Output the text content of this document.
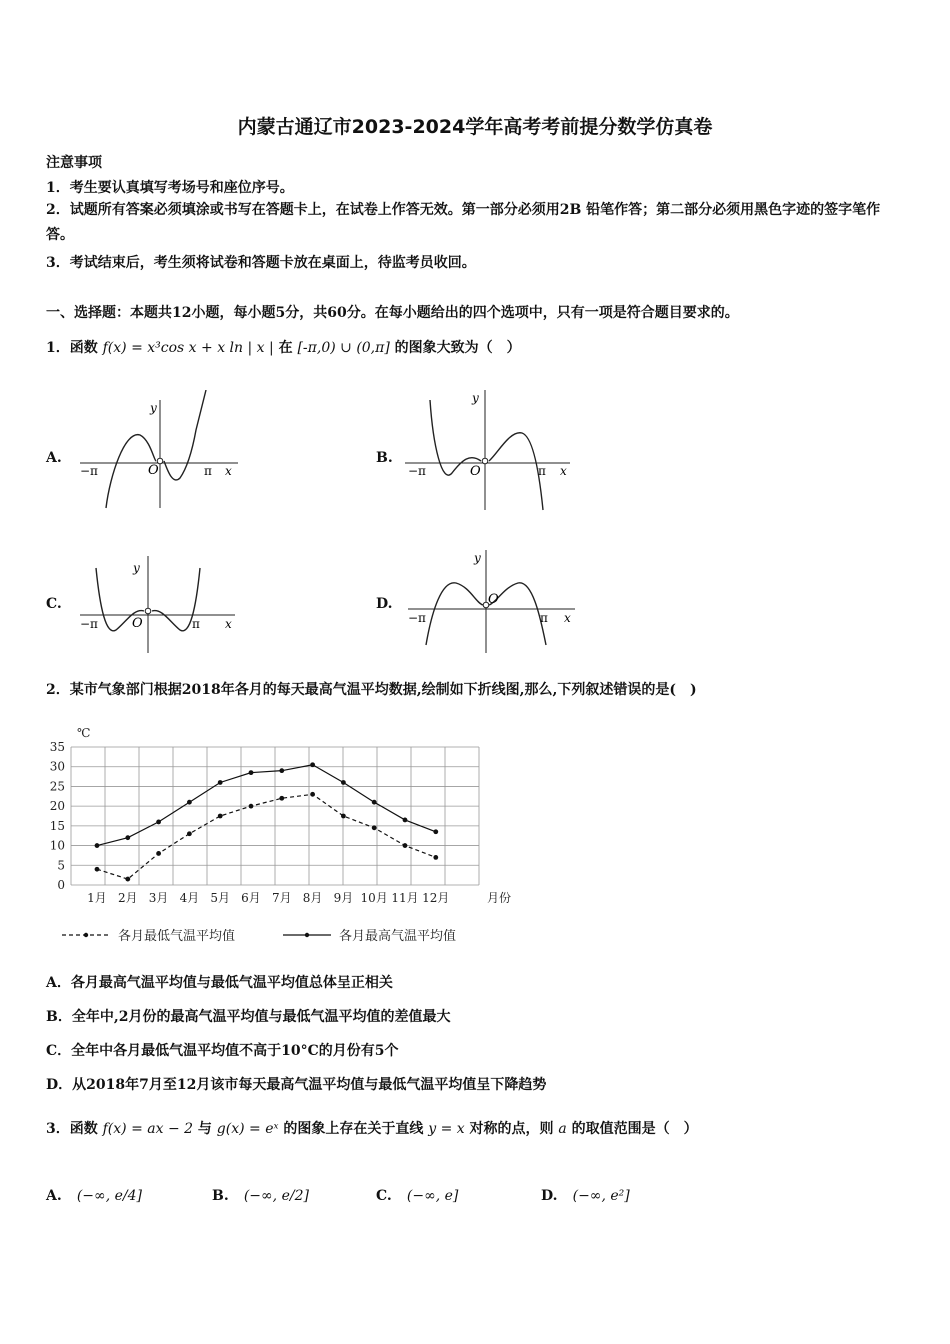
内蒙古通辽市2023-2024学年高考考前提分数学仿真卷
注意事项
1．考生要认真填写考场号和座位序号。
2．试题所有答案必须填涂或书写在答题卡上，在试卷上作答无效。第一部分必须用2B 铅笔作答；第二部分必须用黑色字迹的签字笔作答。
3．考试结束后，考生须将试卷和答题卡放在桌面上，待监考员收回。
一、选择题：本题共12小题，每小题5分，共60分。在每小题给出的四个选项中，只有一项是符合题目要求的。
1．函数 f(x) = x³cos x + x ln | x | 在 [-π,0) ∪ (0,π] 的图象大致为（　）
A.	B.
C.	D.
y
x
−π	π
O
y
x
−π	π
O
y
x
−π	π
O
y
x
−π	π
O
2．某市气象部门根据2018年各月的每天最高气温平均数据,绘制如下折线图,那么,下列叙述错误的是(　)
0
5
10
15
20
25
30
35
℃
1月 2月 3月 4月 5月 6月 7月 8月 9月 10月 11月 12月	月份
各月最低气温平均值	各月最高气温平均值
A．各月最高气温平均值与最低气温平均值总体呈正相关
B．全年中,2月份的最高气温平均值与最低气温平均值的差值最大
C．全年中各月最低气温平均值不高于10°C的月份有5个
D．从2018年7月至12月该市每天最高气温平均值与最低气温平均值呈下降趋势
3．函数 f(x) = ax − 2 与 g(x) = eˣ 的图象上存在关于直线 y = x 对称的点，则 a 的取值范围是（　）
A. (−∞, e/4]	B. (−∞, e/2]	C. (−∞, e]	D. (−∞, e²]
